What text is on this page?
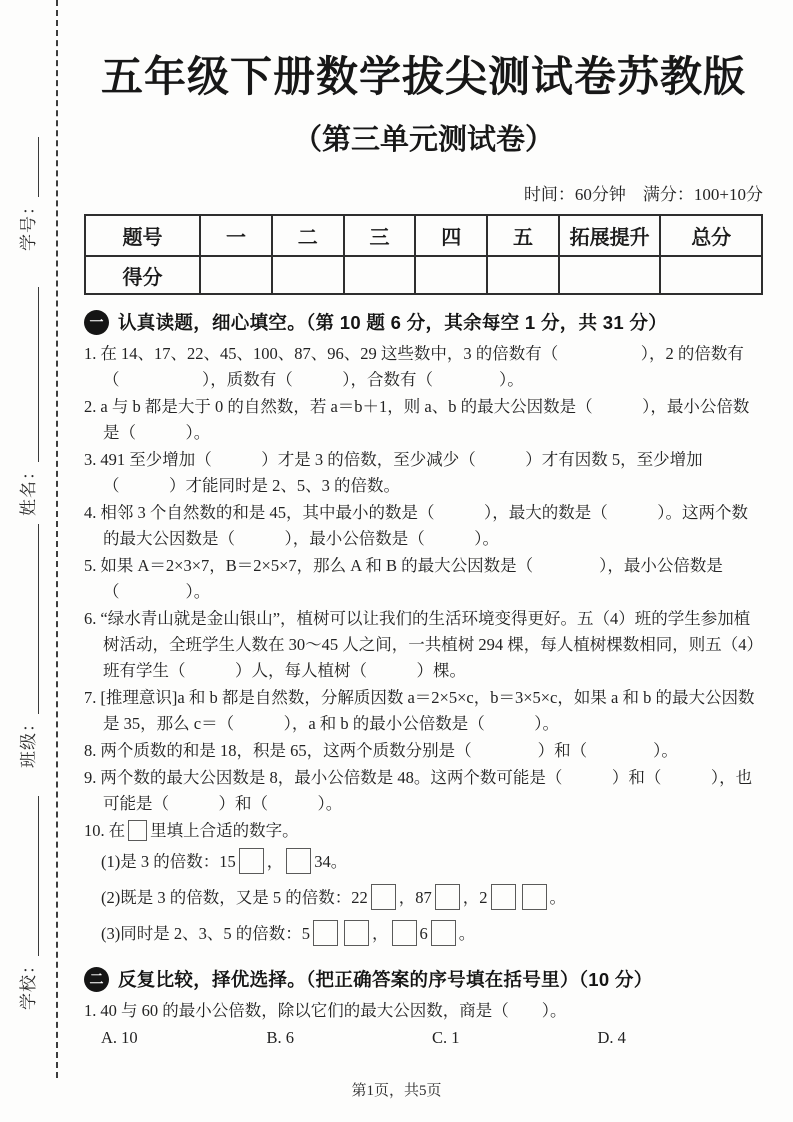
学校：
班级：
姓名：
学号：
五年级下册数学拔尖测试卷苏教版
（第三单元测试卷）
时间：60分钟　满分：100+10分
题号	一	二	三	四	五	拓展提升	总分
得分							
一 认真读题，细心填空。（第 10 题 6 分，其余每空 1 分，共 31 分）
1. 在 14、17、22、45、100、87、96、29 这些数中，3 的倍数有（　　　　　），2 的倍数有（　　　　　），质数有（　　　），合数有（　　　　）。
2. a 与 b 都是大于 0 的自然数，若 a＝b＋1，则 a、b 的最大公因数是（　　　），最小公倍数是（　　　）。
3. 491 至少增加（　　　）才是 3 的倍数，至少减少（　　　）才有因数 5，至少增加（　　　）才能同时是 2、5、3 的倍数。
4. 相邻 3 个自然数的和是 45，其中最小的数是（　　　），最大的数是（　　　）。这两个数的最大公因数是（　　　），最小公倍数是（　　　）。
5. 如果 A＝2×3×7，B＝2×5×7，那么 A 和 B 的最大公因数是（　　　　），最小公倍数是（　　　　）。
6. “绿水青山就是金山银山”，植树可以让我们的生活环境变得更好。五（4）班的学生参加植树活动，全班学生人数在 30～45 人之间，一共植树 294 棵，每人植树棵数相同，则五（4）班有学生（　　　）人，每人植树（　　　）棵。
7. [推理意识]a 和 b 都是自然数，分解质因数 a＝2×5×c，b＝3×5×c，如果 a 和 b 的最大公因数是 35，那么 c＝（　　　），a 和 b 的最小公倍数是（　　　）。
8. 两个质数的和是 18，积是 65，这两个质数分别是（　　　　）和（　　　　）。
9. 两个数的最大公因数是 8，最小公倍数是 48。这两个数可能是（　　　）和（　　　），也可能是（　　　）和（　　　）。
10. 在 里填上合适的数字。
(1)是 3 的倍数：15 ， 34。
(2)既是 3 的倍数，又是 5 的倍数：22 ，87 ，2	。
(3)同时是 2、3、5 的倍数：5	， 6 。
二 反复比较，择优选择。（把正确答案的序号填在括号里）（10 分）
1. 40 与 60 的最小公倍数，除以它们的最大公因数，商是（　　）。
A. 10	B. 6	C. 1	D. 4
第1页，共5页
